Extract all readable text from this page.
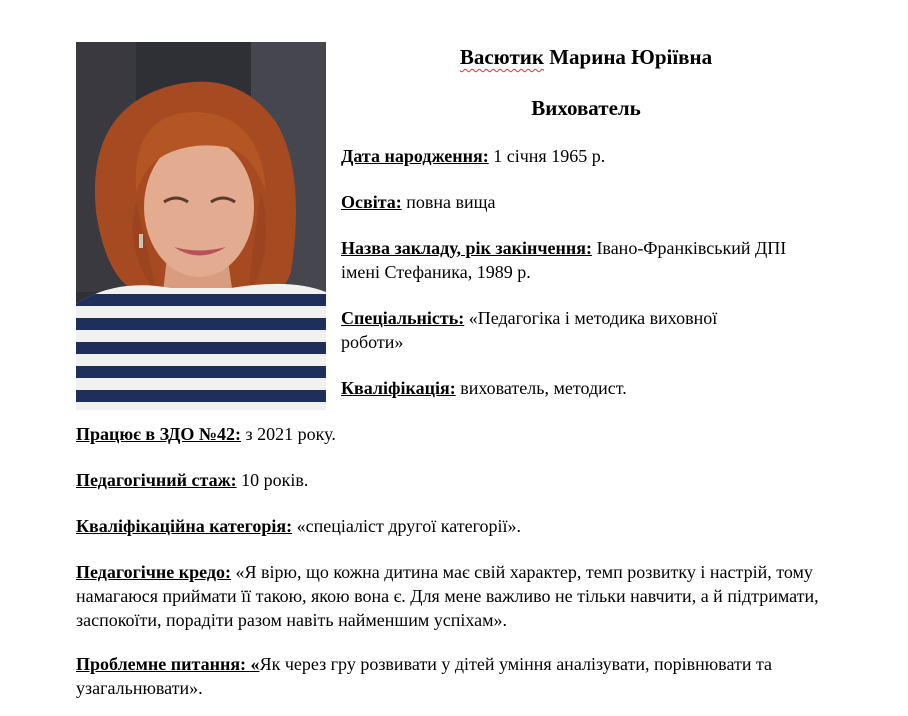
Васютик Марина Юріївна
Вихователь
Дата народження: 1 січня 1965 р.
Освіта: повна вища
Назва закладу, рік закінчення: Івано-Франківський ДПІ імені Стефаника, 1989 р.
Спеціальність: «Педагогіка і методика виховної роботи»
Кваліфікація: вихователь, методист.
Працює в ЗДО №42: з 2021 року.
Педагогічний стаж: 10 років.
Кваліфікаційна категорія: «спеціаліст другої категорії».
Педагогічне кредо: «Я вірю, що кожна дитина має свій характер, темп розвитку і настрій, тому намагаюся приймати її такою, якою вона є. Для мене важливо не тільки навчити, а й підтримати, заспокоїти, порадіти разом навіть найменшим успіхам».
Проблемне питання: «Як через гру розвивати у дітей уміння аналізувати, порівнювати та узагальнювати».
